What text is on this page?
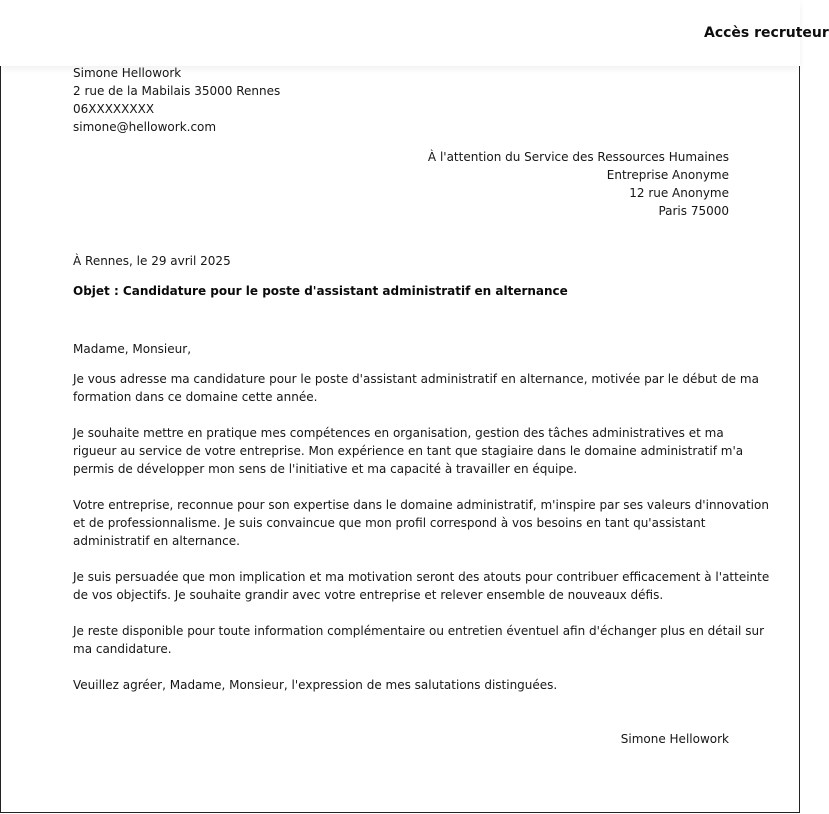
Accès recruteur
Simone Hellowork
2 rue de la Mabilais 35000 Rennes
06XXXXXXXX
simone@hellowork.com
À l'attention du Service des Ressources Humaines
Entreprise Anonyme
12 rue Anonyme
Paris 75000
À Rennes, le 29 avril 2025
Objet : Candidature pour le poste d'assistant administratif en alternance
Madame, Monsieur,
Je vous adresse ma candidature pour le poste d'assistant administratif en alternance, motivée par le début de ma
formation dans ce domaine cette année.
Je souhaite mettre en pratique mes compétences en organisation, gestion des tâches administratives et ma
rigueur au service de votre entreprise. Mon expérience en tant que stagiaire dans le domaine administratif m'a
permis de développer mon sens de l'initiative et ma capacité à travailler en équipe.
Votre entreprise, reconnue pour son expertise dans le domaine administratif, m'inspire par ses valeurs d'innovation
et de professionnalisme. Je suis convaincue que mon profil correspond à vos besoins en tant qu'assistant
administratif en alternance.
Je suis persuadée que mon implication et ma motivation seront des atouts pour contribuer efficacement à l'atteinte
de vos objectifs. Je souhaite grandir avec votre entreprise et relever ensemble de nouveaux défis.
Je reste disponible pour toute information complémentaire ou entretien éventuel afin d'échanger plus en détail sur
ma candidature.
Veuillez agréer, Madame, Monsieur, l'expression de mes salutations distinguées.
Simone Hellowork
